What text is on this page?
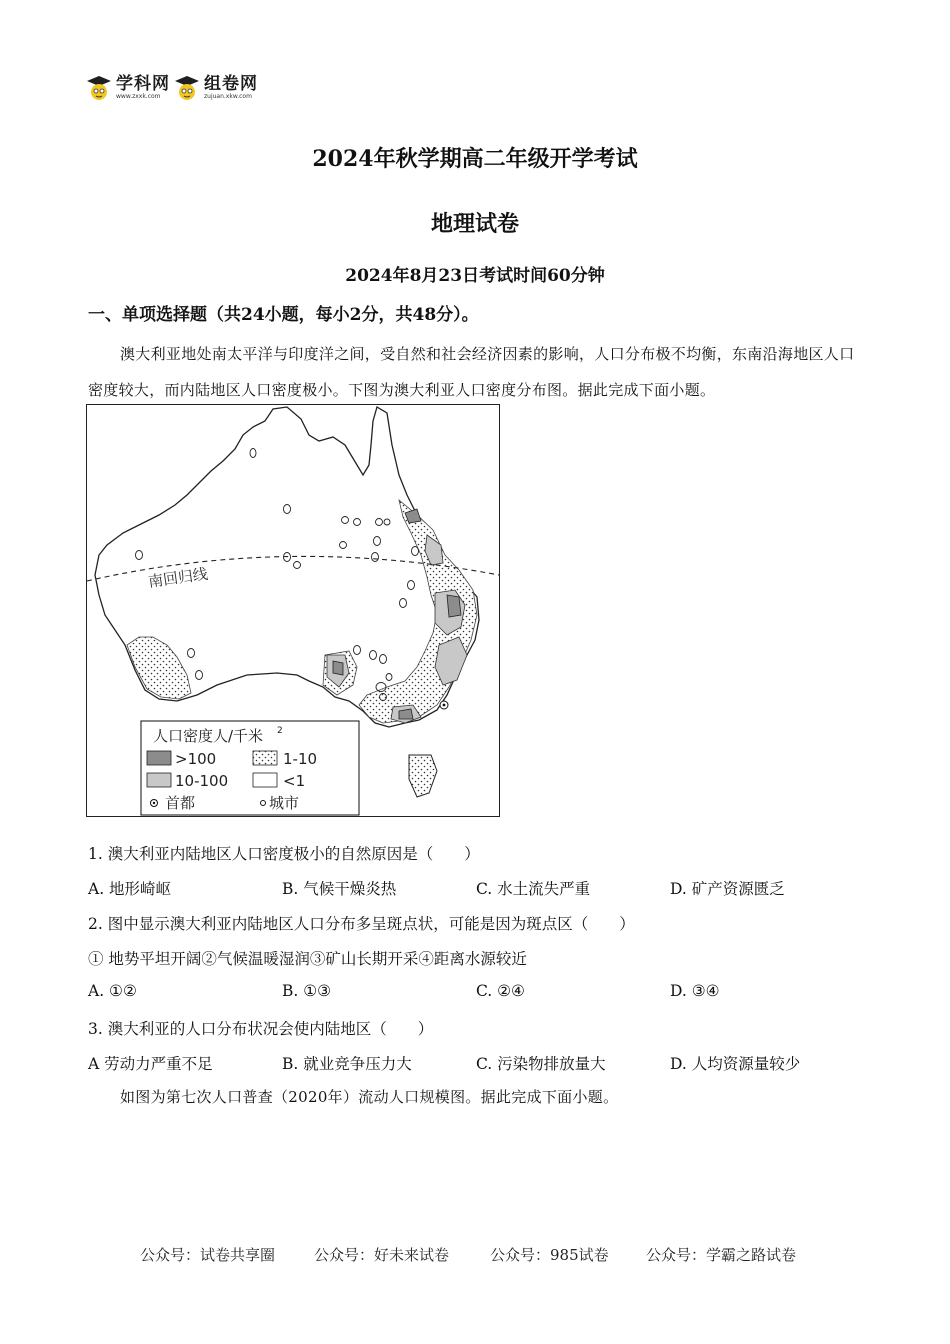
学科网
www.zxxk.com
组卷网
zujuan.xkw.com
2024年秋学期高二年级开学考试
地理试卷
2024年8月23日考试时间60分钟
一、单项选择题（共24小题，每小2分，共48分）。
澳大利亚地处南太平洋与印度洋之间，受自然和社会经济因素的影响，人口分布极不均衡，东南沿海地区人口密度较大，而内陆地区人口密度极小。下图为澳大利亚人口密度分布图。据此完成下面小题。
南回归线
人口密度人/千米 2
>100	1-10
10-100	<1
首都	城市
1. 澳大利亚内陆地区人口密度极小的自然原因是（　　）
A. 地形崎岖	B. 气候干燥炎热	C. 水土流失严重	D. 矿产资源匮乏
2. 图中显示澳大利亚内陆地区人口分布多呈斑点状，可能是因为斑点区（　　）
① 地势平坦开阔②气候温暖湿润③矿山长期开采④距离水源较近
A. ①②	B. ①③	C. ②④	D. ③④
3. 澳大利亚的人口分布状况会使内陆地区（　　）
A 劳动力严重不足	B. 就业竞争压力大	C. 污染物排放量大	D. 人均资源量较少
如图为第七次人口普查（2020年）流动人口规模图。据此完成下面小题。
公众号：试卷共享圈	公众号：好未来试卷	公众号：985试卷 公众号：学霸之路试卷
